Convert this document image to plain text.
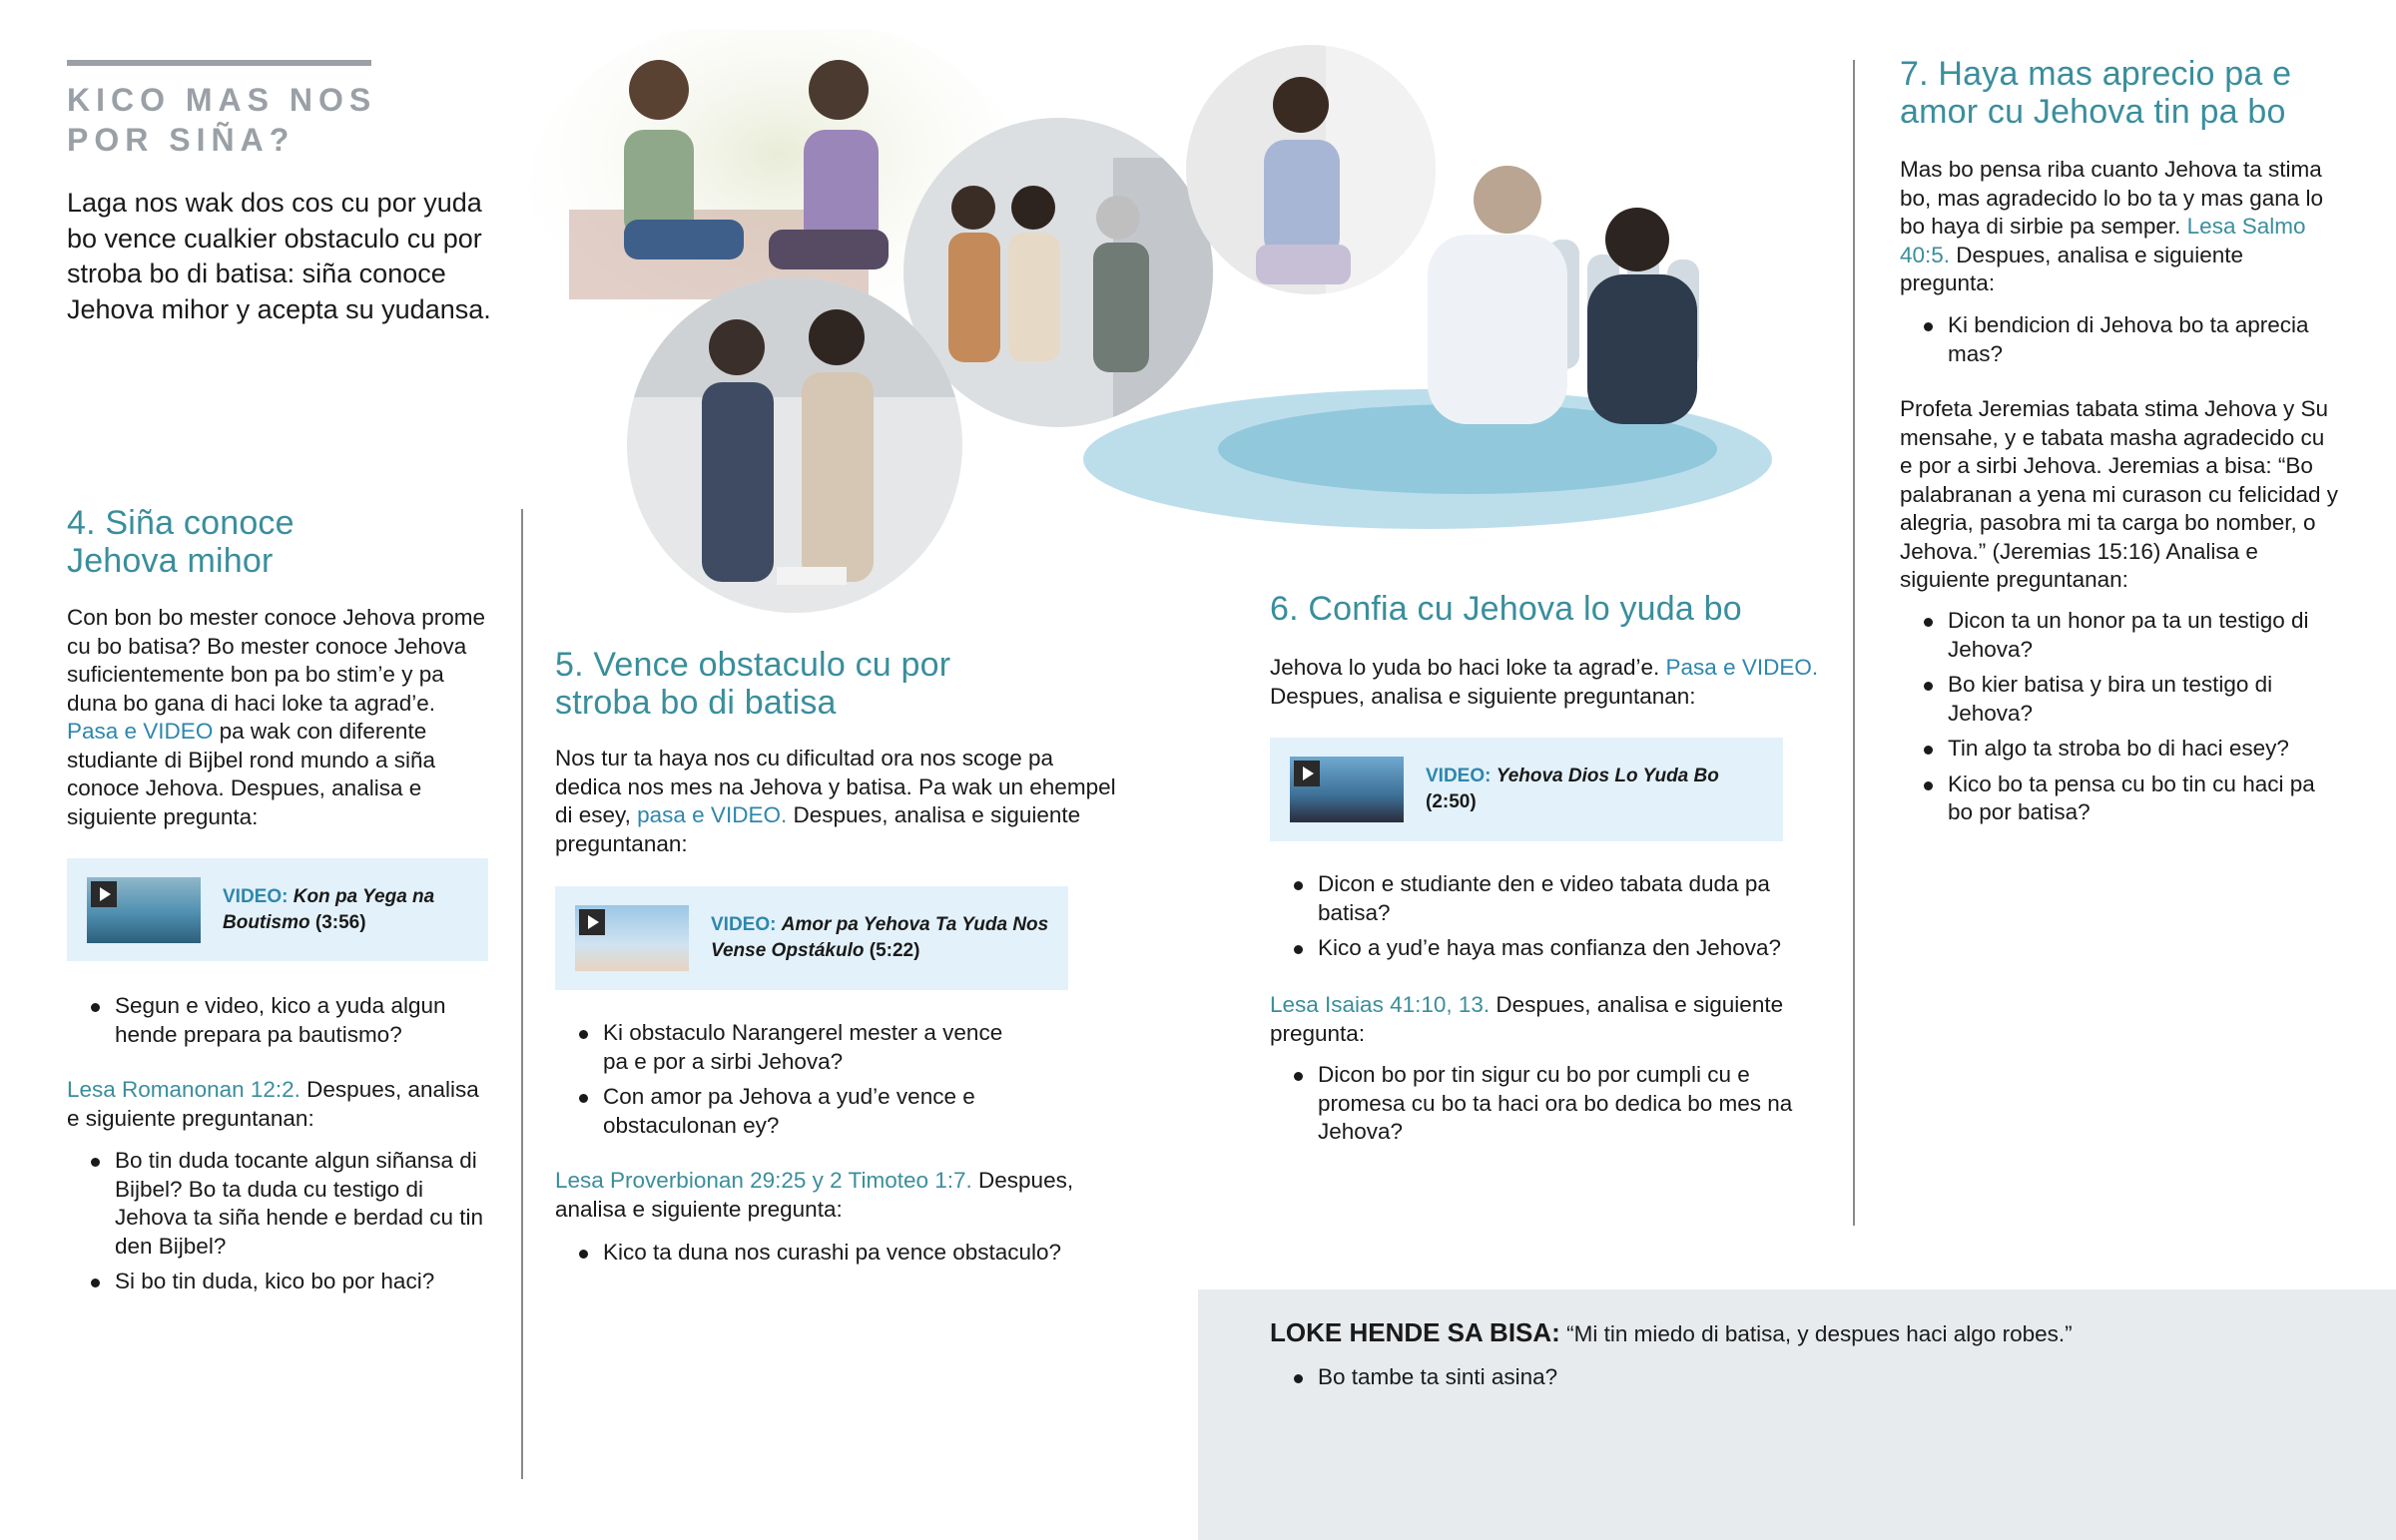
KICO MAS NOS
POR SIÑA?
Laga nos wak dos cos cu por yuda bo vence cualkier obstaculo cu por stroba bo di batisa: siña conoce Jehova mihor y acepta su yudansa.
4. Siña conoce
Jehova mihor
Con bon bo mester conoce Jehova prome cu bo batisa? Bo mester conoce Jehova suficientemente bon pa bo stim’e y pa duna bo gana di haci loke ta agrad’e. Pasa e VIDEO pa wak con diferente studiante di Bijbel rond mundo a siña conoce Jehova. Despues, analisa e siguiente pregunta:
VIDEO: Kon pa Yega na Boutismo (3:56)
Segun e video, kico a yuda algun hende prepara pa bautismo?
Lesa Romanonan 12:2. Despues, analisa e siguiente preguntanan:
Bo tin duda tocante algun siñansa di Bijbel? Bo ta duda cu testigo di Jehova ta siña hende e berdad cu tin den Bijbel?
Si bo tin duda, kico bo por haci?
5. Vence obstaculo cu por
stroba bo di batisa
Nos tur ta haya nos cu dificultad ora nos scoge pa dedica nos mes na Jehova y batisa. Pa wak un ehempel di esey, pasa e VIDEO. Despues, analisa e siguiente preguntanan:
VIDEO: Amor pa Yehova Ta Yuda Nos Vense Opstákulo (5:22)
Ki obstaculo Narangerel mester a vence pa e por a sirbi Jehova?
Con amor pa Jehova a yud’e vence e obstaculonan ey?
Lesa Proverbionan 29:25 y 2 Timoteo 1:7. Despues, analisa e siguiente pregunta:
Kico ta duna nos curashi pa vence obstaculo?
6. Confia cu Jehova lo yuda bo
Jehova lo yuda bo haci loke ta agrad’e. Pasa e VIDEO. Despues, analisa e siguiente preguntanan:
VIDEO: Yehova Dios Lo Yuda Bo
(2:50)
Dicon e studiante den e video tabata duda pa batisa?
Kico a yud’e haya mas confianza den Jehova?
Lesa Isaias 41:10, 13. Despues, analisa e siguiente pregunta:
Dicon bo por tin sigur cu bo por cumpli cu e promesa cu bo ta haci ora bo dedica bo mes na Jehova?
7. Haya mas aprecio pa e
amor cu Jehova tin pa bo
Mas bo pensa riba cuanto Jehova ta stima bo, mas agradecido lo bo ta y mas gana lo bo haya di sirbie pa semper. Lesa Salmo 40:5. Despues, analisa e siguiente pregunta:
Ki bendicion di Jehova bo ta aprecia mas?
Profeta Jeremias tabata stima Jehova y Su mensahe, y e tabata masha agradecido cu e por a sirbi Jehova. Jeremias a bisa: “Bo palabranan a yena mi curason cu felicidad y alegria, pasobra mi ta carga bo nomber, o Jehova.” (Jeremias 15:16) Analisa e siguiente preguntanan:
Dicon ta un honor pa ta un testigo di Jehova?
Bo kier batisa y bira un testigo di Jehova?
Tin algo ta stroba bo di haci esey?
Kico bo ta pensa cu bo tin cu haci pa bo por batisa?
LOKE HENDE SA BISA: “Mi tin miedo di batisa, y despues haci algo robes.”
Bo tambe ta sinti asina?
